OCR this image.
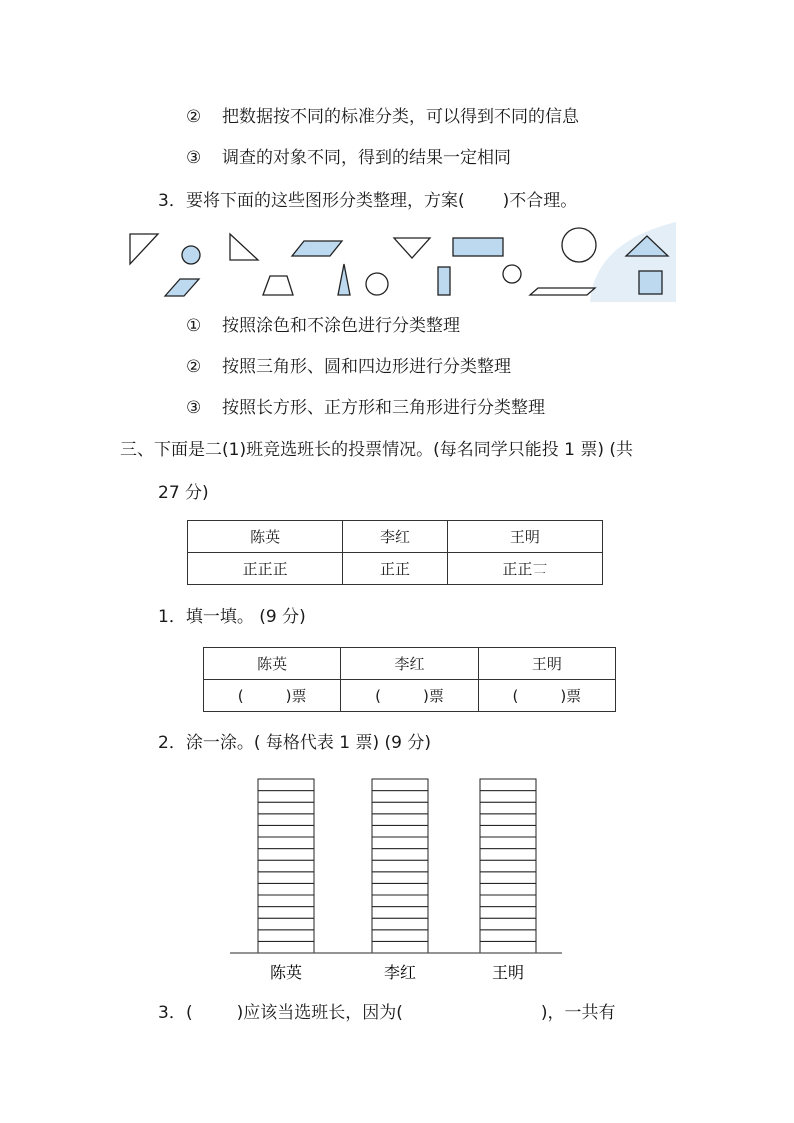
② 把数据按不同的标准分类，可以得到不同的信息
③ 调查的对象不同，得到的结果一定相同
3．要将下面的这些图形分类整理，方案( )不合理。
① 按照涂色和不涂色进行分类整理
② 按照三角形、圆和四边形进行分类整理
③ 按照长方形、正方形和三角形进行分类整理
三、下面是二(1)班竞选班长的投票情况。(每名同学只能投 1 票) (共
27 分)
陈英	李红	王明
正正正	正正	正正𠄟
1．填一填。 (9 分)
陈英	李红	王明
( )票	( )票	( )票
2．涂一涂。( 每格代表 1 票) (9 分)
陈英	李红	王明
3．(	)应该当选班长，因为(	)，一共有
